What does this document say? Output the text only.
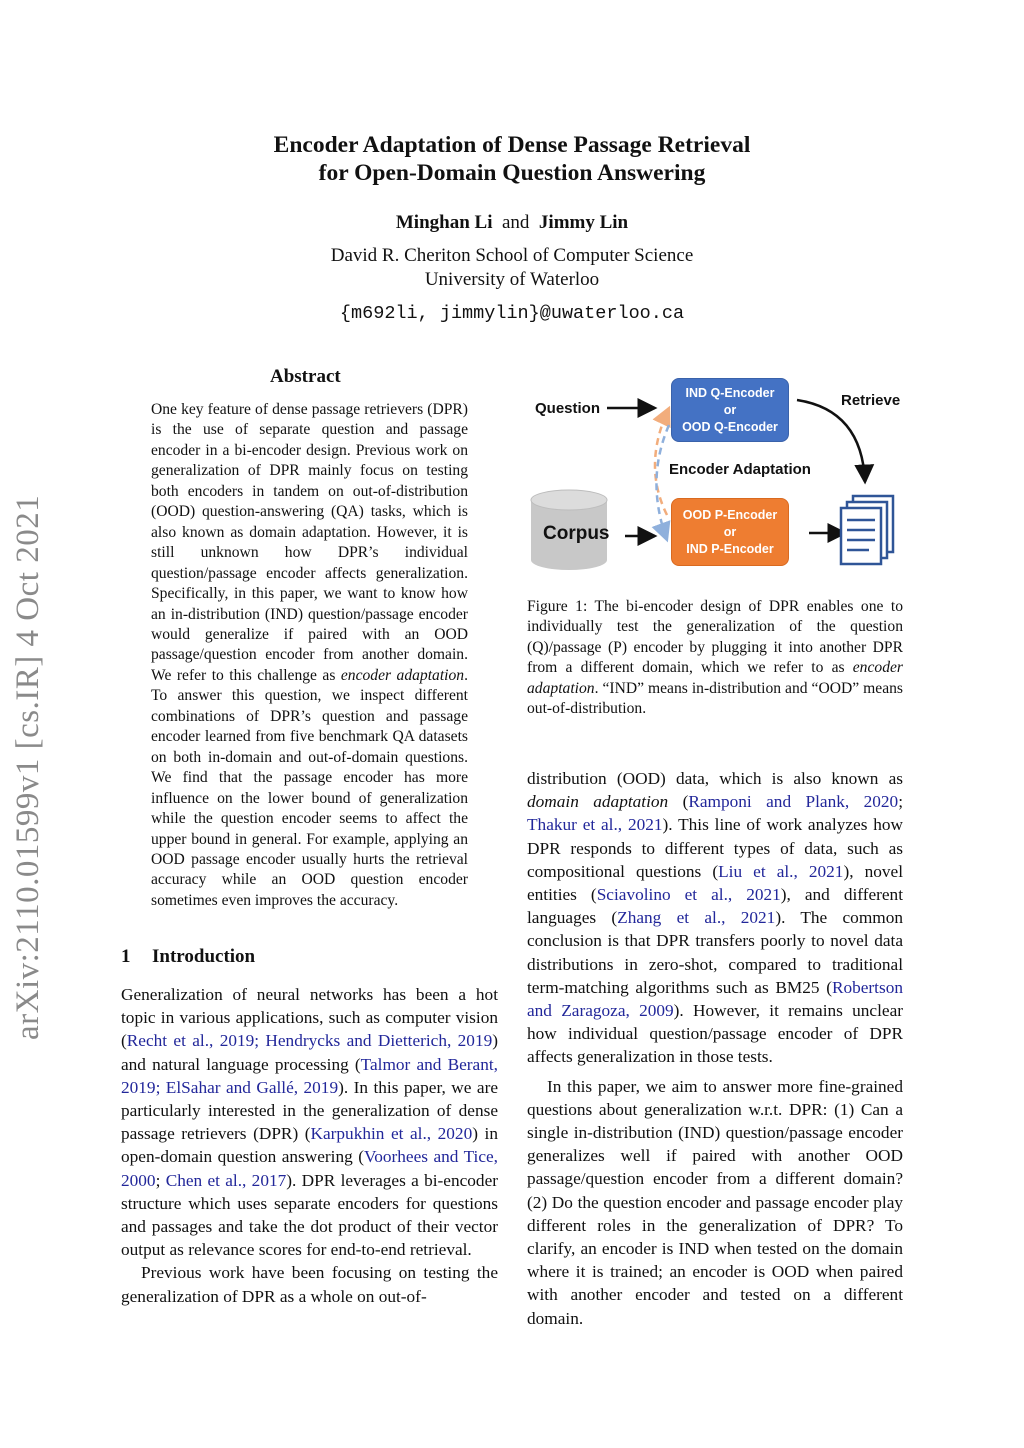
Encoder Adaptation of Dense Passage Retrieval
for Open-Domain Question Answering
Minghan Li and Jimmy Lin
David R. Cheriton School of Computer Science
University of Waterloo
{m692li, jimmylin}@uwaterloo.ca
arXiv:2110.01599v1 [cs.IR] 4 Oct 2021
Abstract

One key feature of dense passage retrievers (DPR) is the use of separate question and passage encoder in a bi-encoder design. Previous work on generalization of DPR mainly focus on testing both encoders in tandem on out-of-distribution (OOD) question-answering (QA) tasks, which is also known as domain adaptation. However, it is still unknown how DPR’s individual question/passage encoder affects generalization. Specifically, in this paper, we want to know how an in-distribution (IND) question/passage encoder would generalize if paired with an OOD passage/question encoder from another domain. We refer to this challenge as encoder adaptation. To answer this question, we inspect different combinations of DPR’s question and passage encoder learned from five benchmark QA datasets on both in-domain and out-of-domain questions. We find that the passage encoder has more influence on the lower bound of generalization while the question encoder seems to affect the upper bound in general. For example, applying an OOD passage encoder usually hurts the retrieval accuracy while an OOD question encoder sometimes even improves the accuracy.

1 Introduction

Generalization of neural networks has been a hot topic in various applications, such as computer vision (Recht et al., 2019; Hendrycks and Dietterich, 2019) and natural language processing (Talmor and Berant, 2019; ElSahar and Gallé, 2019). In this paper, we are particularly interested in the generalization of dense passage retrievers (DPR) (Karpukhin et al., 2020) in open-domain question answering (Voorhees and Tice, 2000; Chen et al., 2017). DPR leverages a bi-encoder structure which uses separate encoders for questions and passages and take the dot product of their vector output as relevance scores for end-to-end retrieval.

Previous work have been focusing on testing the generalization of DPR as a whole on out-of-

Question
Corpus
IND Q-Encoder
or
OOD Q-Encoder
Encoder Adaptation
OOD P-Encoder
or
IND P-Encoder
Retrieve
Figure 1: The bi-encoder design of DPR enables one to individually test the generalization of the question (Q)/passage (P) encoder by plugging it into another DPR from a different domain, which we refer to as encoder adaptation. “IND” means in-distribution and “OOD” means out-of-distribution.

distribution (OOD) data, which is also known as domain adaptation (Ramponi and Plank, 2020; Thakur et al., 2021). This line of work analyzes how DPR responds to different types of data, such as compositional questions (Liu et al., 2021), novel entities (Sciavolino et al., 2021), and different languages (Zhang et al., 2021). The common conclusion is that DPR transfers poorly to novel data distributions in zero-shot, compared to traditional term-matching algorithms such as BM25 (Robertson and Zaragoza, 2009). However, it remains unclear how individual question/passage encoder of DPR affects generalization in those tests.

In this paper, we aim to answer more fine-grained questions about generalization w.r.t. DPR: (1) Can a single in-distribution (IND) question/passage encoder generalizes well if paired with another OOD passage/question encoder from a different domain? (2) Do the question encoder and passage encoder play different roles in the generalization of DPR? To clarify, an encoder is IND when tested on the domain where it is trained; an encoder is OOD when paired with another encoder and tested on a different domain.
